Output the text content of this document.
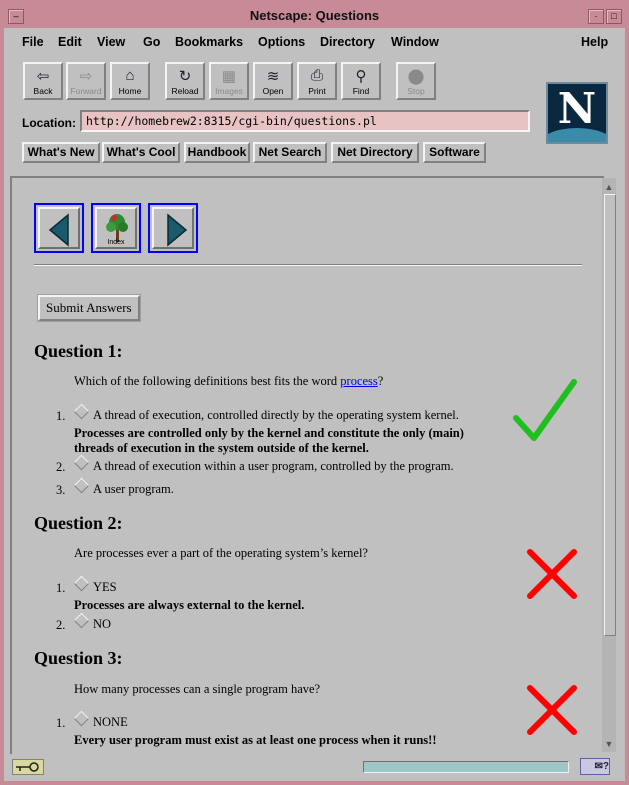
Netscape: Questions
–	·	□
File Edit View Go Bookmarks Options Directory Window	Help
⇦
Back
⇨
Forward
⌂
Home
↻
Reload
▦
Images
≋
Open
⎙
Print
⚲
Find
⬤
Stop	N
Location: http://homebrew2:8315/cgi-bin/questions.pl
What's New	What's Cool	Handbook	Net Search	Net Directory	Software
Index
Submit Answers
Question 1:
Which of the following definitions best fits the word process?
1.	A thread of execution, controlled directly by the operating system kernel.
Processes are controlled only by the kernel and constitute the only (main) threads of execution in the system outside of the kernel.
2.	A thread of execution within a user program, controlled by the program.
3.	A user program.
Question 2:
Are processes ever a part of the operating system’s kernel?
1.	YES
Processes are always external to the kernel.
2.	NO
Question 3:
How many processes can a single program have?
1.	NONE
Every user program must exist as at least one process when it runs!!
▲
▼
✉?
